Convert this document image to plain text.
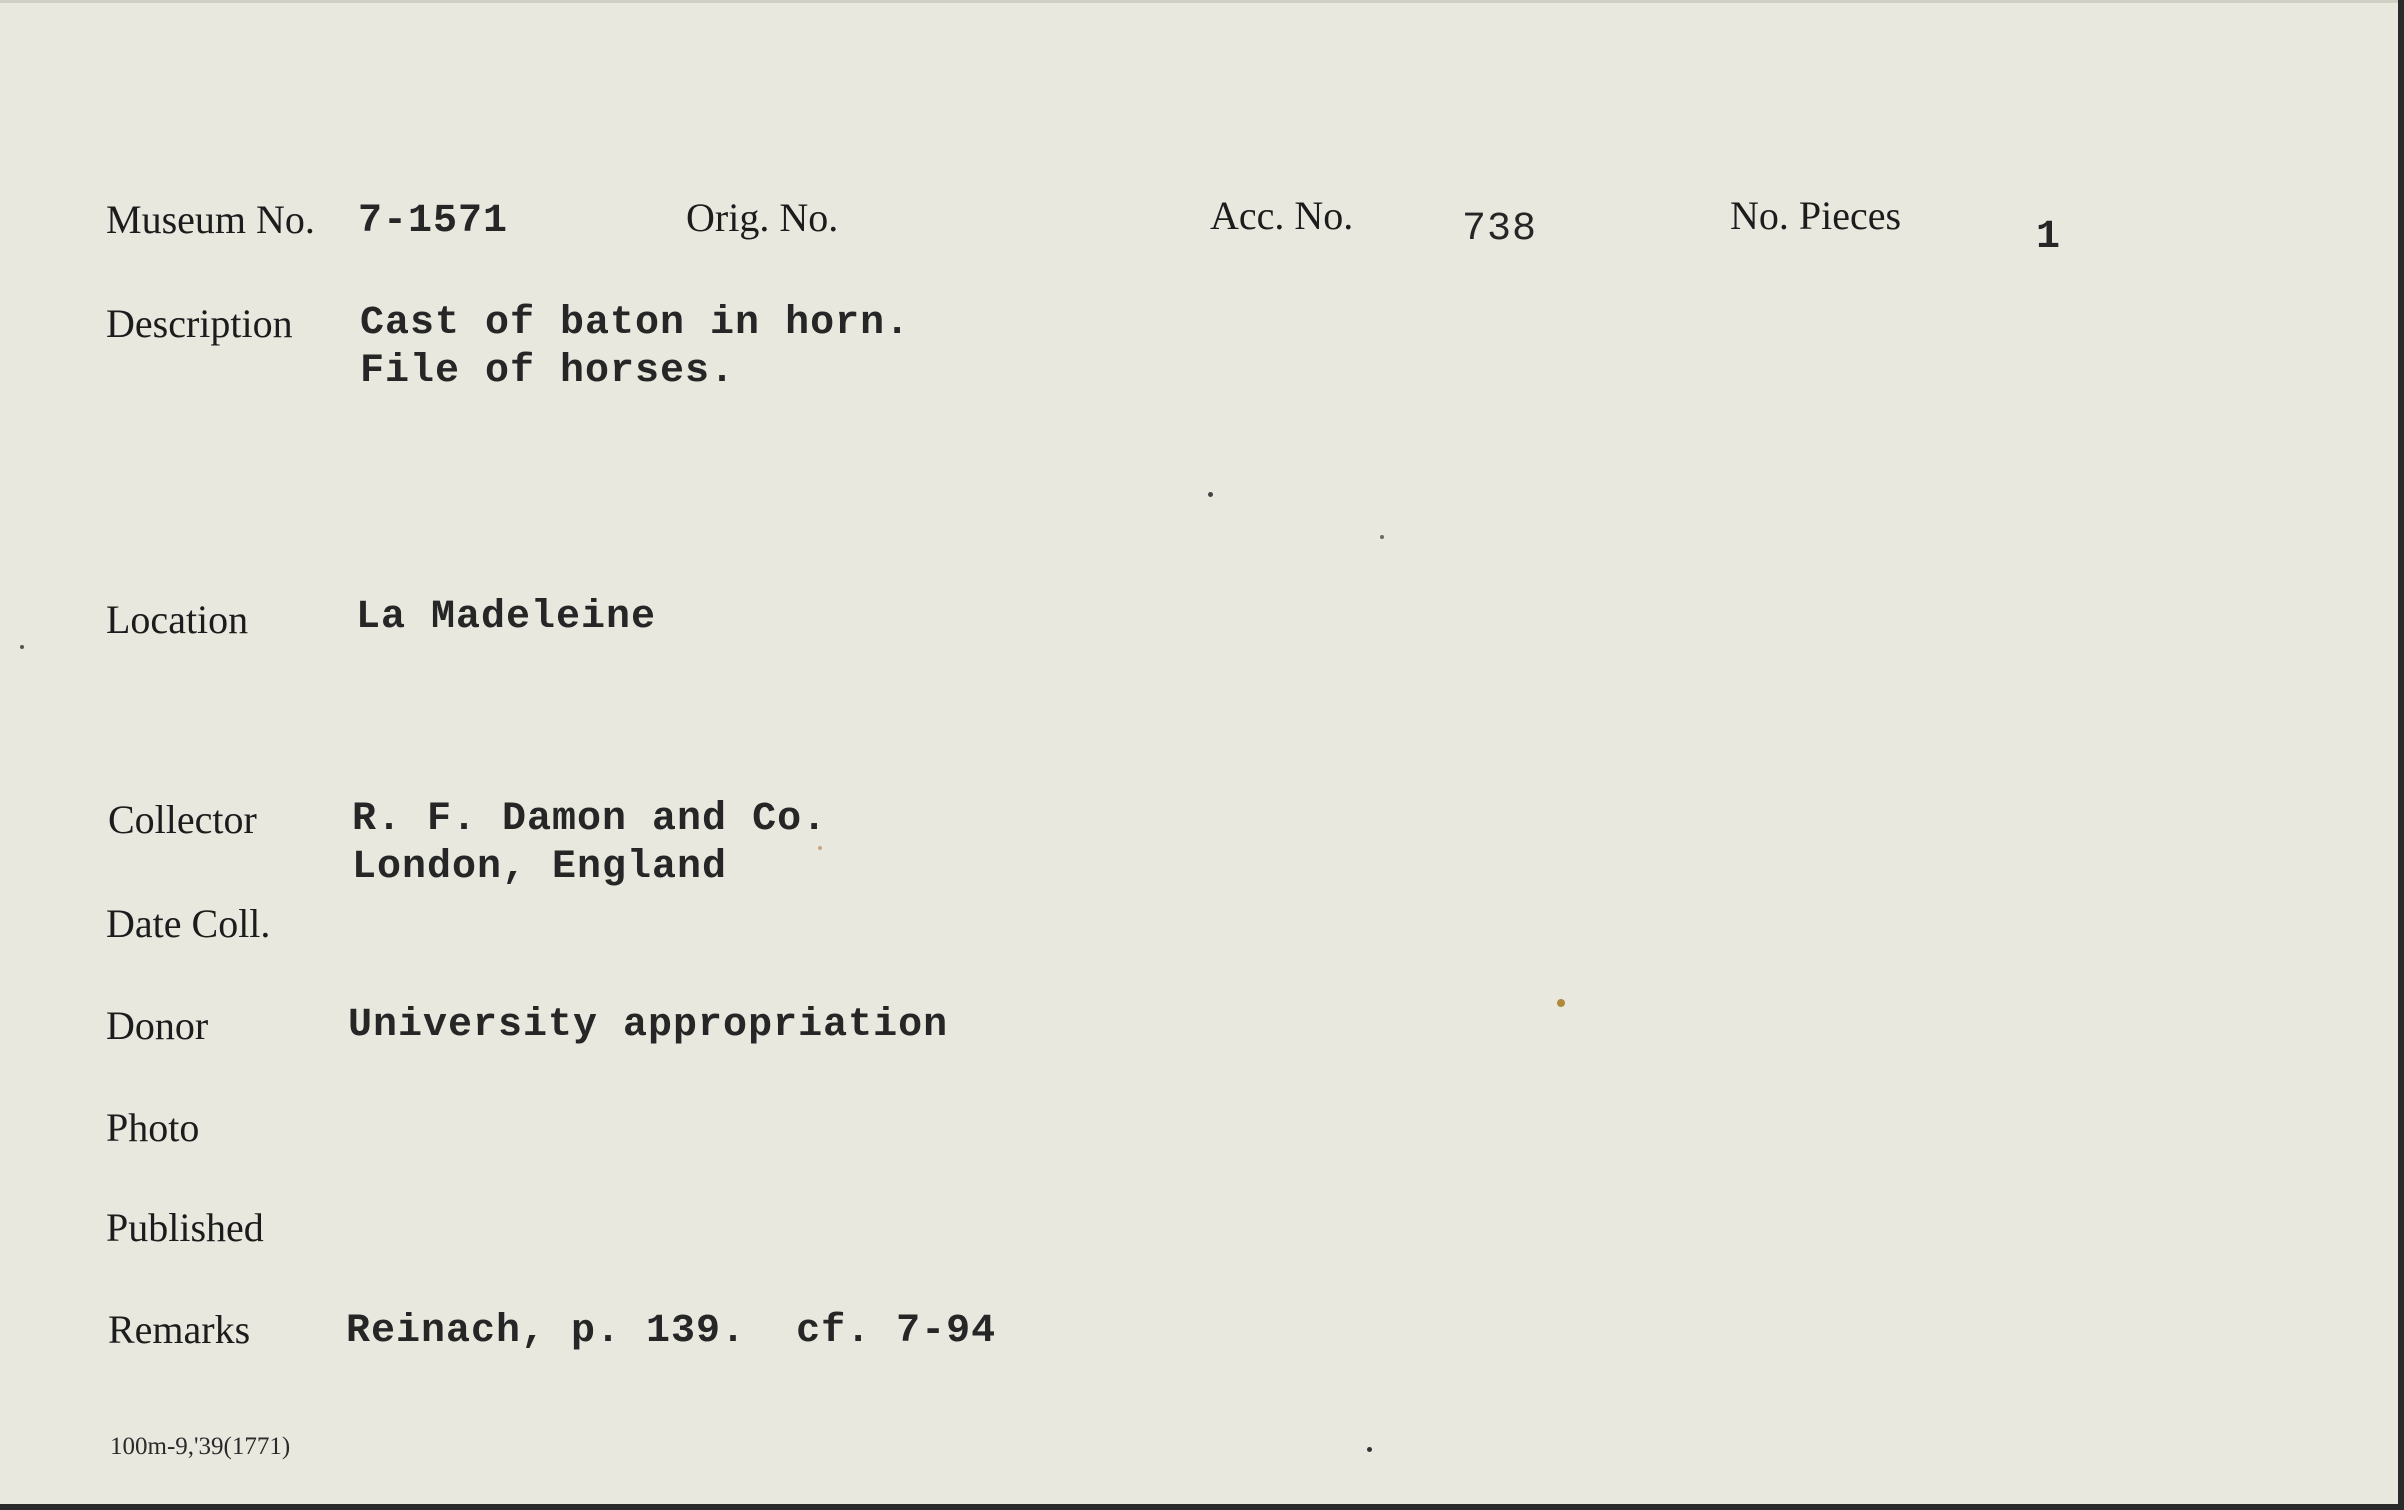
Museum No. 7-1571	Orig. No.	Acc. No.	738	No. Pieces	1
Description Cast of baton in horn.
File of horses.
Location	La Madeleine
Collector R. F. Damon and Co.
London, England
Date Coll.
Donor	University appropriation
Photo
Published
Remarks Reinach, p. 139.  cf. 7-94
100m-9,'39(1771)
